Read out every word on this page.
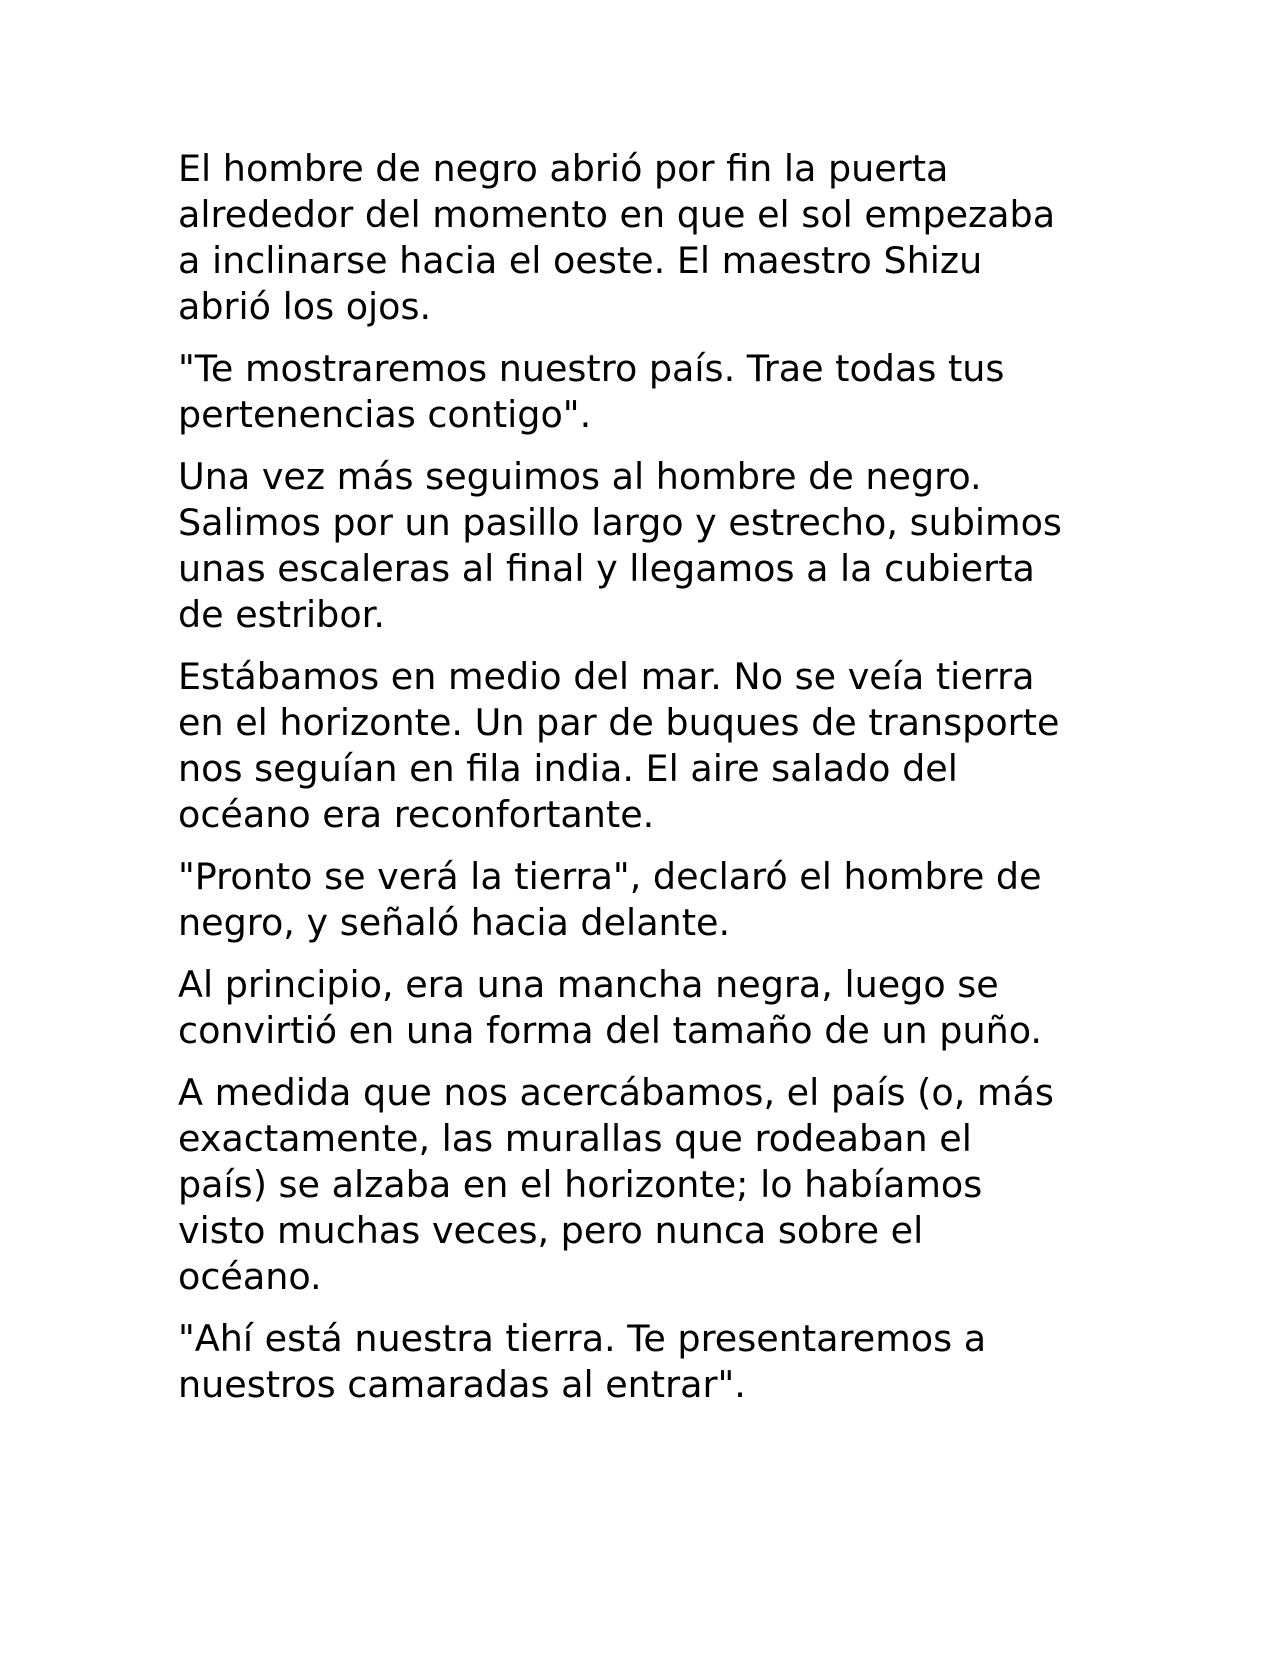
El hombre de negro abrió por fin la puerta
alrededor del momento en que el sol empezaba
a inclinarse hacia el oeste. El maestro Shizu
abrió los ojos.

"Te mostraremos nuestro país. Trae todas tus
pertenencias contigo".

Una vez más seguimos al hombre de negro.
Salimos por un pasillo largo y estrecho, subimos
unas escaleras al final y llegamos a la cubierta
de estribor.

Estábamos en medio del mar. No se veía tierra
en el horizonte. Un par de buques de transporte
nos seguían en fila india. El aire salado del
océano era reconfortante.

"Pronto se verá la tierra", declaró el hombre de
negro, y señaló hacia delante.

Al principio, era una mancha negra, luego se
convirtió en una forma del tamaño de un puño.

A medida que nos acercábamos, el país (o, más
exactamente, las murallas que rodeaban el
país) se alzaba en el horizonte; lo habíamos
visto muchas veces, pero nunca sobre el
océano.

"Ahí está nuestra tierra. Te presentaremos a
nuestros camaradas al entrar".
